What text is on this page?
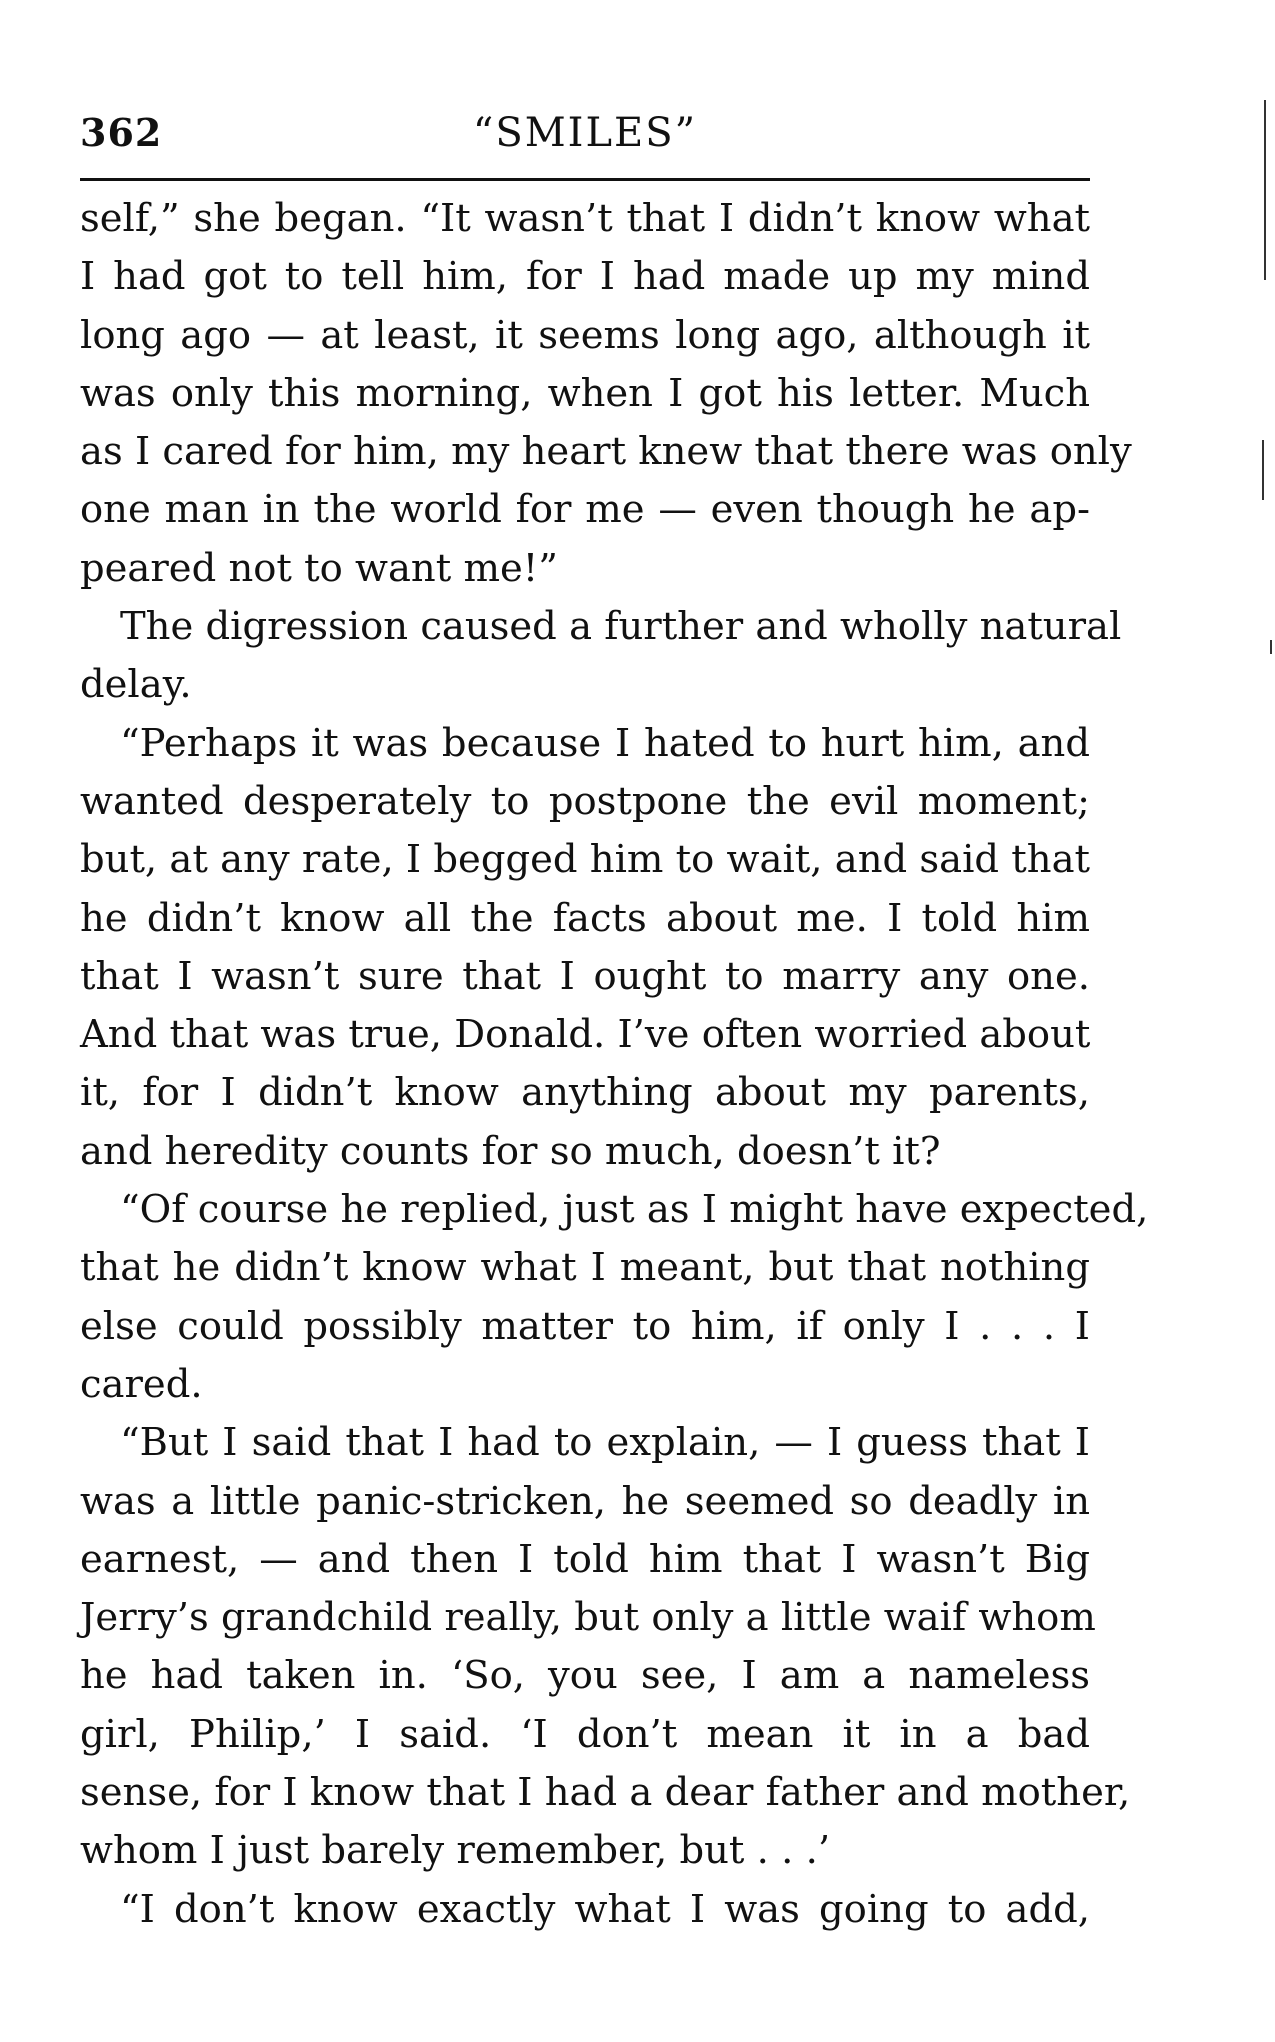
362	“SMILES”
self,” she began. “It wasn’t that I didn’t know what
I had got to tell him, for I had made up my mind
long ago — at least, it seems long ago, although it
was only this morning, when I got his letter. Much
as I cared for him, my heart knew that there was only
one man in the world for me — even though he ap-
peared not to want me!”
The digression caused a further and wholly natural
delay.
“Perhaps it was because I hated to hurt him, and
wanted desperately to postpone the evil moment;
but, at any rate, I begged him to wait, and said that
he didn’t know all the facts about me. I told him
that I wasn’t sure that I ought to marry any one.
And that was true, Donald. I’ve often worried about
it, for I didn’t know anything about my parents,
and heredity counts for so much, doesn’t it?
“Of course he replied, just as I might have expected,
that he didn’t know what I meant, but that nothing
else could possibly matter to him, if only I . . . I
cared.
“But I said that I had to explain, — I guess that I
was a little panic-stricken, he seemed so deadly in
earnest, — and then I told him that I wasn’t Big
Jerry’s grandchild really, but only a little waif whom
he had taken in. ‘So, you see, I am a nameless
girl, Philip,’ I said. ‘I don’t mean it in a bad
sense, for I know that I had a dear father and mother,
whom I just barely remember, but . . .’
“I don’t know exactly what I was going to add,
